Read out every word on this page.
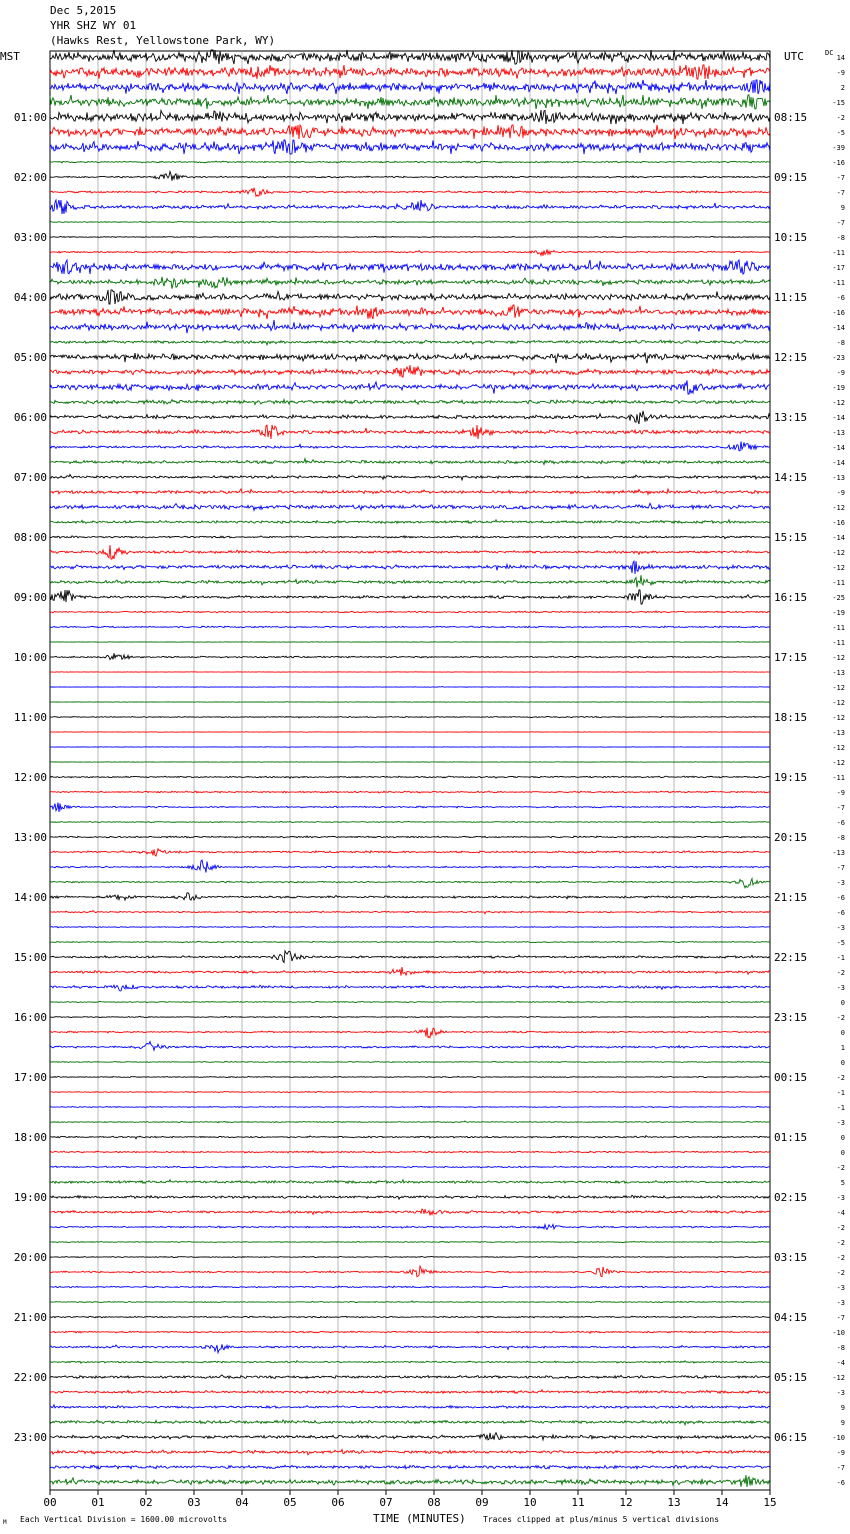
Dec 5,2015
YHR SHZ WY 01
(Hawks Rest, Yellowstone Park, WY)
MST	UTC	DC
14
-9
2
-15
-2
-5
-39
-16
-7
-7
9
-7
-8
-11
-17
-11
-6
-16
-14
-8
-23
-9
-19
-12
-14
-13
-14
-14
-13
-9
-12
-16
-14
-12
-12
-11
-25
-19
-11
-11
-12
-13
-12
-12
-12
-13
-12
-12
-11
-9
-7
-6
-8
-13
-7
-3
-6
-6
-3
-5
-1
-2
-3
0
-2
0
1
0
-2
-1
-1
-3
0
0
-2
5
-3
-4
-2
-2
-2
-2
-3
-3
-7
-10
-8
-4
-12
-3
9
9
-10
-9
-7
-6
01:00
02:00
03:00
04:00
05:00
06:00
07:00
08:00
09:00
10:00
11:00
12:00
13:00
14:00
15:00
16:00
17:00
18:00
19:00
20:00
21:00
22:00
23:00
08:15
09:15
10:15
11:15
12:15
13:15
14:15
15:15
16:15
17:15
18:15
19:15
20:15
21:15
22:15
23:15
00:15
01:15
02:15
03:15
04:15
05:15
06:15
00	01	02	03	04	05	06	07	08	09	10	11	12	13	14	15
M Each Vertical Division = 1600.00 microvolts	TIME (MINUTES) Traces clipped at plus/minus 5 vertical divisions
